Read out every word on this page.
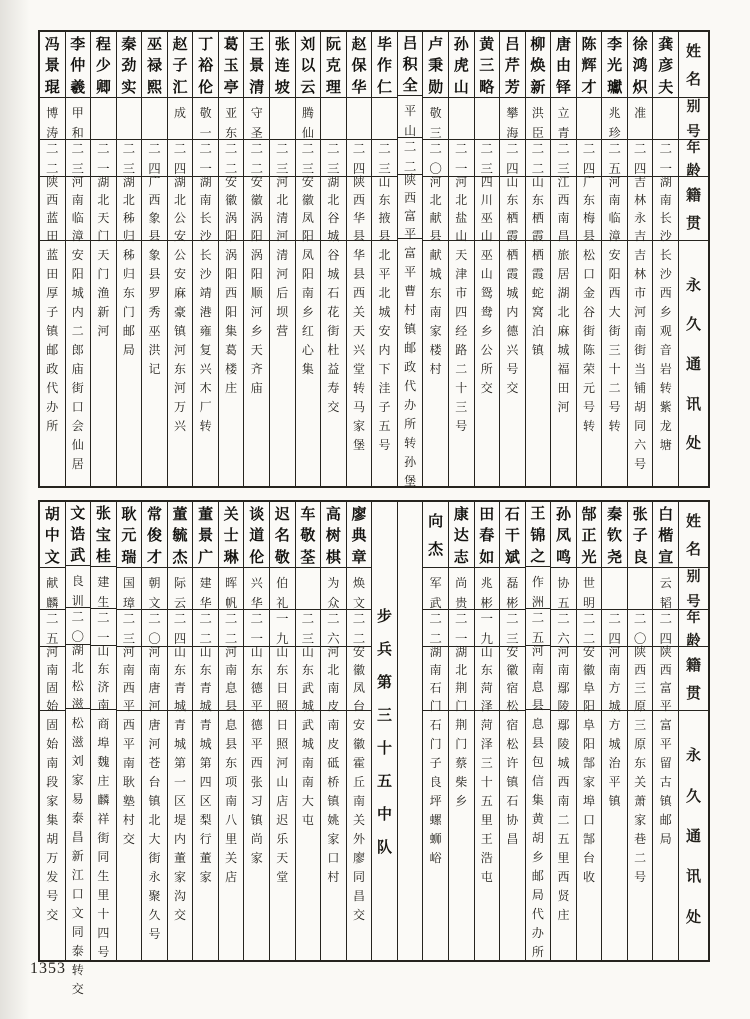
姓
名
别
号
年
龄
籍
贯
永
久
通
讯
处
龚
彦
夫
二
一
湖
南
长
沙
长
沙
西
乡
观
音
岩
转
紫
龙
塘
徐
鸿
炽
准
二
四
吉
林
永
吉
吉
林
市
河
南
街
当
铺
胡
同
六
号
李
光
瓛
兆
珍
二
五
河
南
临
漳
安
阳
西
大
街
三
十
二
号
转
陈
辉
才
二
四
广
东
梅
县
松
口
金
谷
街
陈
荣
元
号
转
唐
由
铎
立
青
二
三
江
西
南
昌
旅
居
湖
北
麻
城
福
田
河
柳
焕
新
洪
臣
二
二
山
东
栖
霞
栖
霞
蛇
窝
泊
镇
吕
芹
芳
攀
海
二
四
山
东
栖
霞
栖
霞
城
内
德
兴
号
交
黄
三
略
二
三
四
川
巫
山
巫
山
鸳
鸯
乡
公
所
交
孙
虎
山
二
一
河
北
盐
山
天
津
市
四
经
路
二
十
三
号
卢
秉
勋
敬
三
二
〇
河
北
献
县
献
城
东
南
家
楼
村
吕
积
全
平
山
二
二
陕
西
富
平
富
平
曹
村
镇
邮
政
代
办
所
转
孙
堡
毕
作
仁
二
三
山
东
掖
县
北
平
北
城
安
内
下
洼
子
五
号
赵
保
华
二
四
陕
西
华
县
华
县
西
关
天
兴
堂
转
马
家
堡
阮
克
理
二
三
湖
北
谷
城
谷
城
石
花
街
杜
益
寿
交
刘
以
云
腾
仙
二
三
安
徽
凤
阳
凤
阳
南
乡
红
心
集
张
连
坡
二
三
河
北
清
河
清
河
后
坝
营
王
景
清
守
圣
二
二
安
徽
涡
阳
涡
阳
顺
河
乡
天
齐
庙
葛
玉
亭
亚
东
二
二
安
徽
涡
阳
涡
阳
西
阳
集
葛
楼
庄
丁
裕
伦
敬
一
二
一
湖
南
长
沙
长
沙
靖
港
雍
复
兴
木
厂
转
赵
子
汇
成
二
四
湖
北
公
安
公
安
麻
豪
镇
河
东
河
万
兴
巫
禄
熙
二
四
广
西
象
县
象
县
罗
秀
巫
洪
记
秦
劲
实
二
三
湖
北
秭
归
秭
归
东
门
邮
局
程
少
卿
二
一
湖
北
天
门
天
门
渔
新
河
李
仲
羲
甲
和
二
三
河
南
临
漳
安
阳
城
内
二
郎
庙
街
口
会
仙
居
冯
景
琨
博
涛
二
二
陕
西
蓝
田
蓝
田
厚
子
镇
邮
政
代
办
所
姓
名
别
号
年
龄
籍
贯
永
久
通
讯
处
白
楷
宣
云
韬
二
四
陕
西
富
平
富
平
留
古
镇
邮
局
张
子
良
二
〇
陕
西
三
原
三
原
东
关
萧
家
巷
二
号
秦
钦
尧
二
四
河
南
方
城
方
城
治
平
镇
郜
正
光
世
明
二
二
安
徽
阜
阳
阜
阳
郜
家
埠
口
郜
台
收
孙
凤
鸣
协
五
二
六
河
南
鄢
陵
鄢
陵
城
西
南
二
五
里
西
贤
庄
王
锦
之
作
洲
二
五
河
南
息
县
息
县
包
信
集
黄
胡
乡
邮
局
代
办
所
石
干
斌
磊
彬
二
三
安
徽
宿
松
宿
松
许
镇
石
协
昌
田
春
如
兆
彬
一
九
山
东
菏
泽
菏
泽
三
十
五
里
王
浩
屯
康
达
志
尚
贵
二
一
湖
北
荆
门
荆
门
蔡
柴
乡
向
杰
军
武
二
二
湖
南
石
门
石
门
子
良
坪
螺
蛳
峪
步
兵
第
三
十
五
中
队
廖
典
章
焕
文
二
二
安
徽
凤
台
安
徽
霍
丘
南
关
外
廖
同
昌
交
高
树
棋
为
众
二
六
河
北
南
皮
南
皮
砥
桥
镇
姚
家
口
村
车
敬
荃
二
三
山
东
武
城
武
城
南
南
大
屯
迟
名
敬
伯
礼
一
九
山
东
日
照
日
照
河
山
店
迟
乐
天
堂
谈
道
伦
兴
华
二
一
山
东
德
平
德
平
西
张
习
镇
尚
家
关
士
琳
晖
帆
二
二
河
南
息
县
息
县
东
项
南
八
里
关
店
董
景
广
建
华
二
二
山
东
青
城
青
城
第
四
区
梨
行
董
家
董
毓
杰
际
云
二
四
山
东
青
城
青
城
第
一
区
堤
内
董
家
沟
交
常
俊
才
朝
文
二
〇
河
南
唐
河
唐
河
苍
台
镇
北
大
街
永
聚
久
号
耿
元
瑞
国
璋
二
三
河
南
西
平
西
平
南
耿
塾
村
交
张
宝
桂
建
生
二
一
山
东
济
南
商
埠
魏
庄
麟
祥
街
同
生
里
十
四
号
文
诰
武
良
训
二
〇
湖
北
松
滋
松
滋
刘
家
易
泰
昌
新
江
口
文
同
泰
转
交
胡
中
文
献
麟
二
五
河
南
固
始
固
始
南
段
家
集
胡
万
发
号
交
1353
